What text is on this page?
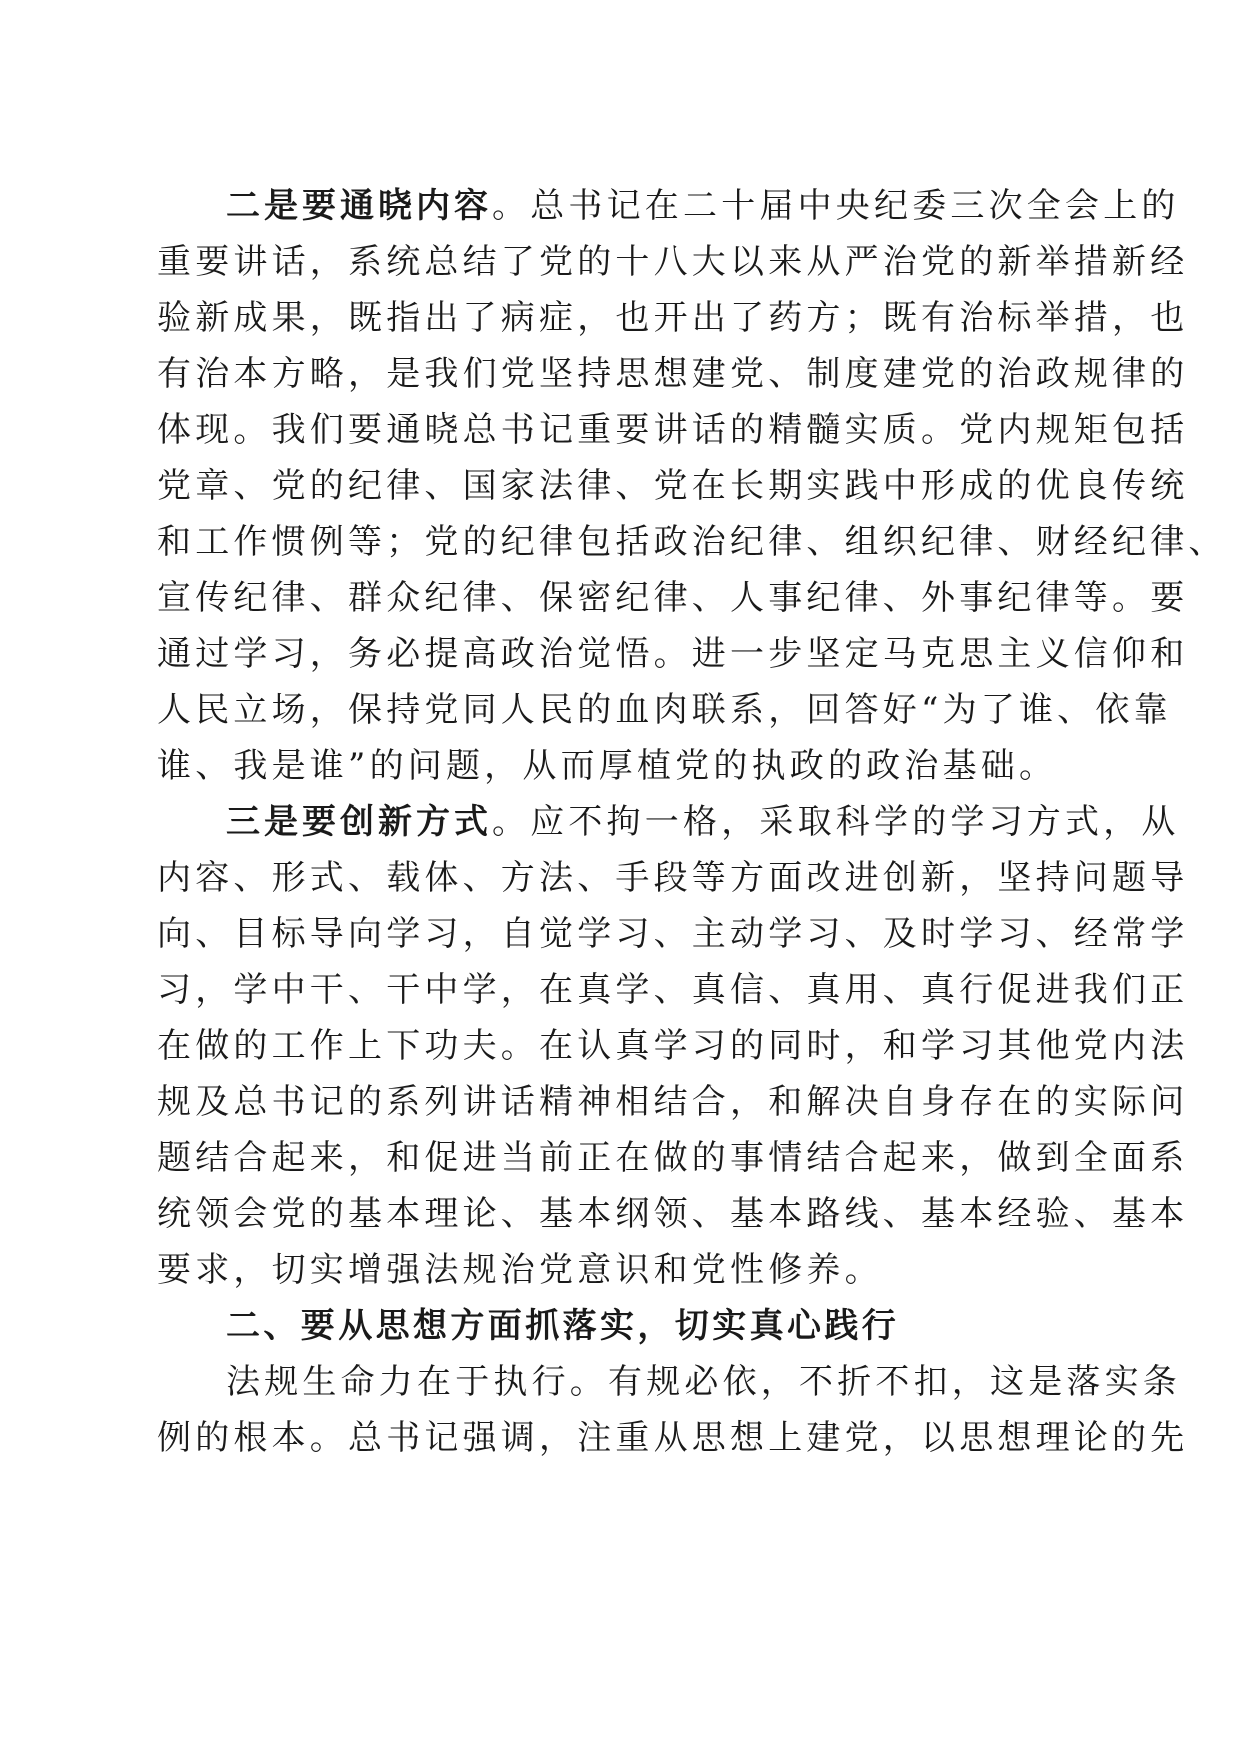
二是要通晓内容。总书记在二十届中央纪委三次全会上的
重要讲话，系统总结了党的十八大以来从严治党的新举措新经
验新成果，既指出了病症，也开出了药方；既有治标举措，也
有治本方略，是我们党坚持思想建党、制度建党的治政规律的
体现。我们要通晓总书记重要讲话的精髓实质。党内规矩包括
党章、党的纪律、国家法律、党在长期实践中形成的优良传统
和工作惯例等；党的纪律包括政治纪律、组织纪律、财经纪律、
宣传纪律、群众纪律、保密纪律、人事纪律、外事纪律等。要
通过学习，务必提高政治觉悟。进一步坚定马克思主义信仰和
人民立场，保持党同人民的血肉联系，回答好“为了谁、依靠
谁、我是谁”的问题，从而厚植党的执政的政治基础。
三是要创新方式。应不拘一格，采取科学的学习方式，从
内容、形式、载体、方法、手段等方面改进创新，坚持问题导
向、目标导向学习，自觉学习、主动学习、及时学习、经常学
习，学中干、干中学，在真学、真信、真用、真行促进我们正
在做的工作上下功夫。在认真学习的同时，和学习其他党内法
规及总书记的系列讲话精神相结合，和解决自身存在的实际问
题结合起来，和促进当前正在做的事情结合起来，做到全面系
统领会党的基本理论、基本纲领、基本路线、基本经验、基本
要求，切实增强法规治党意识和党性修养。
二、要从思想方面抓落实，切实真心践行
法规生命力在于执行。有规必依，不折不扣，这是落实条
例的根本。总书记强调，注重从思想上建党，以思想理论的先
